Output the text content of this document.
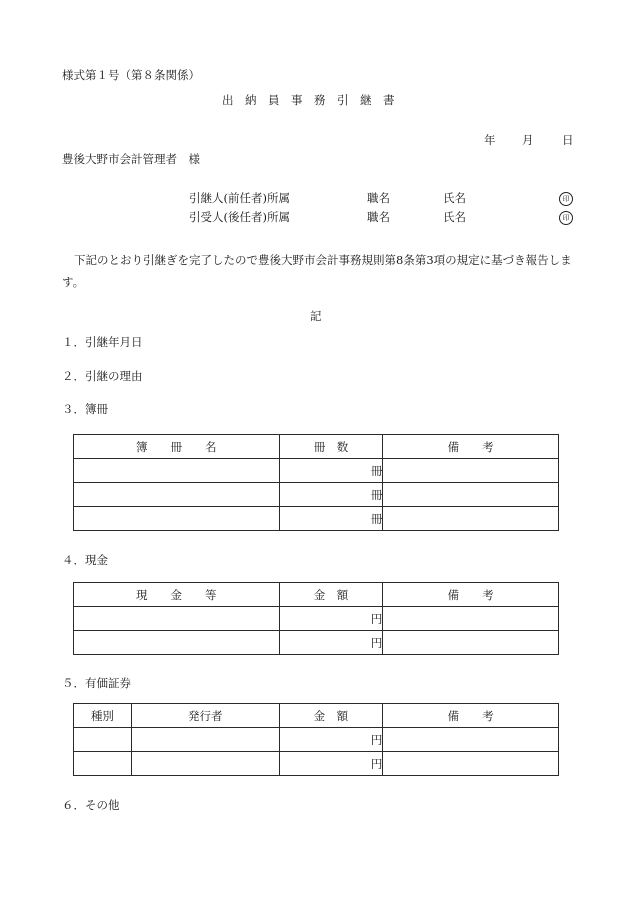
様式第１号（第８条関係）
出　納　員　事　務　引　継　書
年 月 日
豊後大野市会計管理者　様
引継人(前任者)所属	職名	氏名	印
引受人(後任者)所属	職名	氏名	印
下記のとおり引継ぎを完了したので豊後大野市会計事務規則第8条第3項の規定に基づき報告します。
記
１．引継年月日
２．引継の理由
３．簿冊
簿　　冊　　名	冊　数	備　　考
	冊	
	冊	
	冊	
４．現金
現　　金　　等	金　額	備　　考
	円	
	円	
５．有価証券
種別	発行者	金　額	備　　考
		円	
		円	
６．その他
